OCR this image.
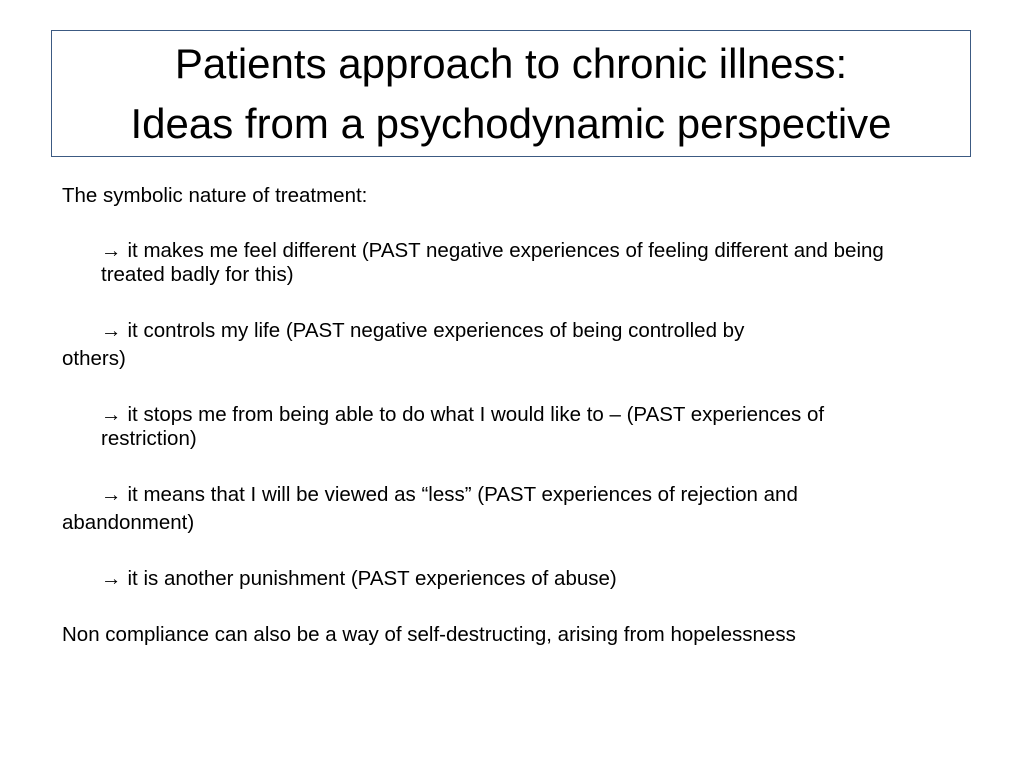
Patients approach to chronic illness:
Ideas from a psychodynamic perspective
The symbolic nature of treatment:
→ it makes me feel different (PAST negative experiences of feeling different and being
treated badly for this)
→ it controls my life (PAST negative experiences of being controlled by
others)
→ it stops me from being able to do what I would like to – (PAST experiences of
restriction)
→ it means that I will be viewed as “less” (PAST experiences of rejection and
abandonment)
→ it is another punishment (PAST experiences of abuse)
Non compliance can also be a way of self-destructing, arising from hopelessness
